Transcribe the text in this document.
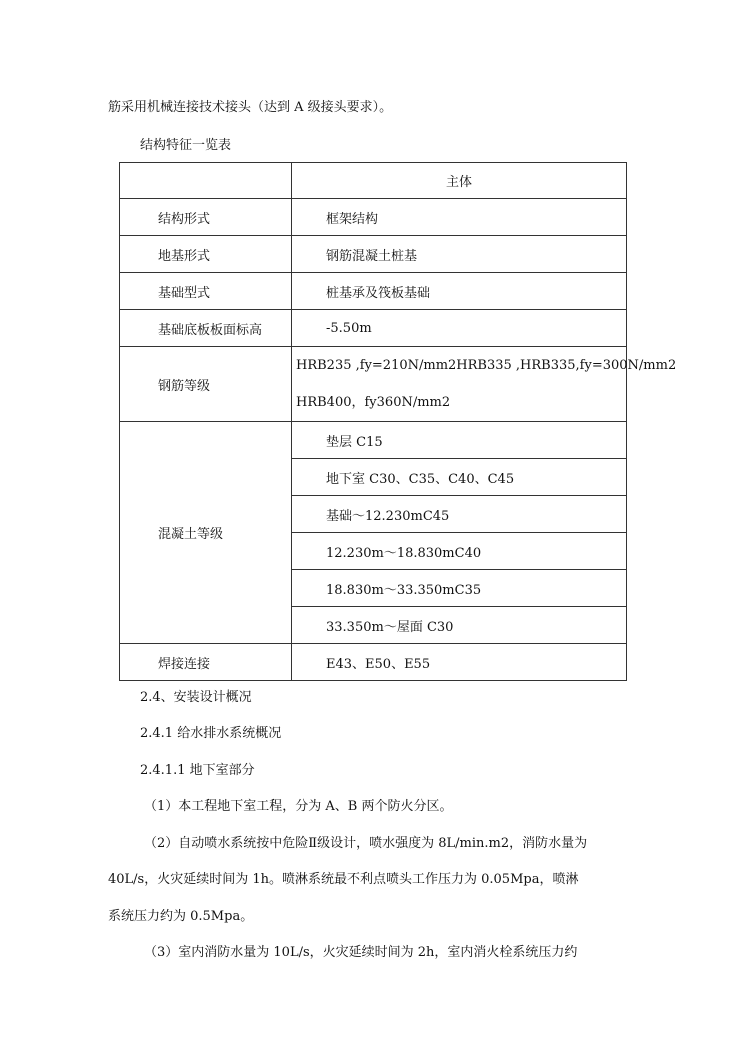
筋采用机械连接技术接头（达到 A 级接头要求）。
结构特征一览表
	主体
结构形式	框架结构
地基形式	钢筋混凝土桩基
基础型式	桩基承及筏板基础
基础底板板面标高	-5.50m
钢筋等级	HRB235 ,fy=210N/mm2HRB335 ,HRB335,fy=300N/mm2
HRB400，fy360N/mm2

混凝土等级	垫层 C15
	地下室 C30、C35、C40、C45
	基础～12.230mC45
	12.230m～18.830mC40
	18.830m～33.350mC35
	33.350m～屋面 C30
焊接连接	E43、E50、E55
2.4、安装设计概况
2.4.1 给水排水系统概况
2.4.1.1 地下室部分
（1）本工程地下室工程，分为 A、B 两个防火分区。
（2）自动喷水系统按中危险Ⅱ级设计，喷水强度为 8L/min.m2，消防水量为
40L/s，火灾延续时间为 1h。喷淋系统最不利点喷头工作压力为 0.05Mpa，喷淋
系统压力约为 0.5Mpa。
（3）室内消防水量为 10L/s，火灾延续时间为 2h，室内消火栓系统压力约
